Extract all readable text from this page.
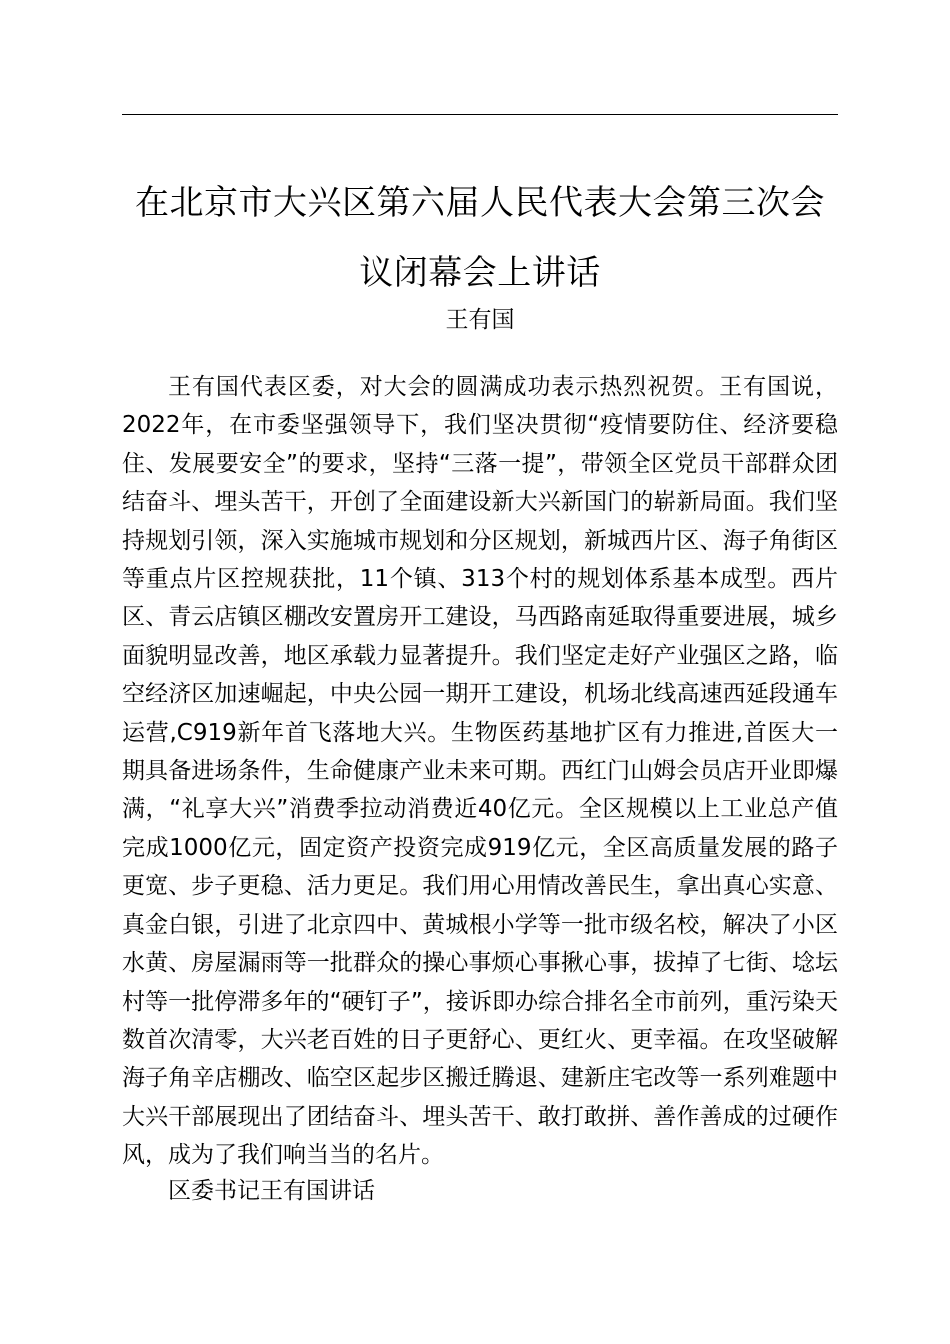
在北京市大兴区第六届人民代表大会第三次会
议闭幕会上讲话
王有国

王有国代表区委，对大会的圆满成功表示热烈祝贺。王有国说，2022年，在市委坚强领导下，我们坚决贯彻“疫情要防住、经济要稳住、发展要安全”的要求，坚持“三落一提”，带领全区党员干部群众团结奋斗、埋头苦干，开创了全面建设新大兴新国门的崭新局面。我们坚持规划引领，深入实施城市规划和分区规划，新城西片区、海子角街区等重点片区控规获批，11个镇、313个村的规划体系基本成型。西片区、青云店镇区棚改安置房开工建设，马西路南延取得重要进展，城乡面貌明显改善，地区承载力显著提升。我们坚定走好产业强区之路，临空经济区加速崛起，中央公园一期开工建设，机场北线高速西延段通车运营,C919新年首飞落地大兴。生物医药基地扩区有力推进,首医大一期具备进场条件，生命健康产业未来可期。西红门山姆会员店开业即爆满，“礼享大兴”消费季拉动消费近40亿元。全区规模以上工业总产值完成1000亿元，固定资产投资完成919亿元，全区高质量发展的路子更宽、步子更稳、活力更足。我们用心用情改善民生，拿出真心实意、真金白银，引进了北京四中、黄城根小学等一批市级名校，解决了小区水黄、房屋漏雨等一批群众的操心事烦心事揪心事，拔掉了七街、埝坛村等一批停滞多年的“硬钉子”，接诉即办综合排名全市前列，重污染天数首次清零，大兴老百姓的日子更舒心、更红火、更幸福。在攻坚破解海子角辛店棚改、临空区起步区搬迁腾退、建新庄宅改等一系列难题中大兴干部展现出了团结奋斗、埋头苦干、敢打敢拼、善作善成的过硬作风，成为了我们响当当的名片。

区委书记王有国讲话
